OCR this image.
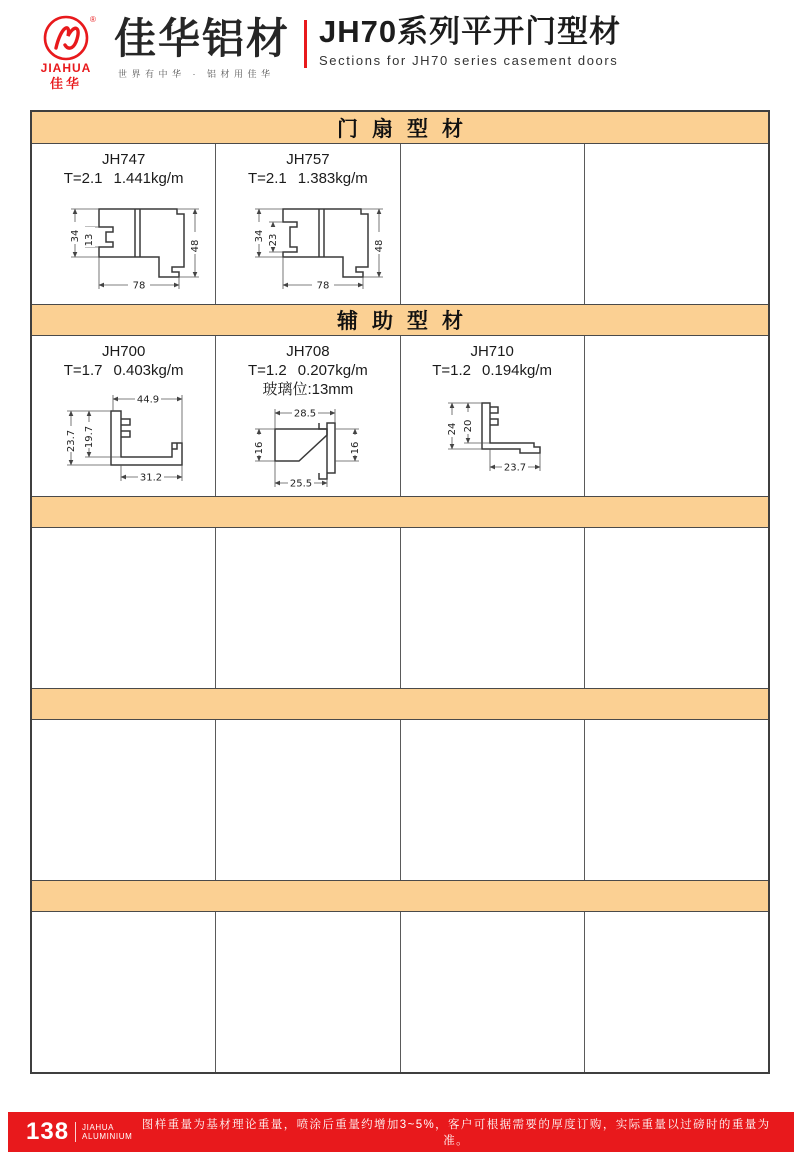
®
JIAHUA
佳华
佳华铝材
世界有中华 · 铝材用佳华
JH70系列平开门型材
Sections for JH70 series casement doors
门扇型材
JH747
T=2.1 1.441kg/m
34 13	48
78
JH757
T=2.1 1.383kg/m
34 23	48
78
辅助型材
JH700
T=1.7 0.403kg/m
44.9
23.7 19.7
31.2
JH708
T=1.2 0.207kg/m
玻璃位:13mm
28.5
16	16
25.5
JH710
T=1.2 0.194kg/m
24 20
23.7
138 JIAHUA
ALUMINIUM
图样重量为基材理论重量，喷涂后重量约增加3~5%，客户可根据需要的厚度订购，实际重量以过磅时的重量为准。
